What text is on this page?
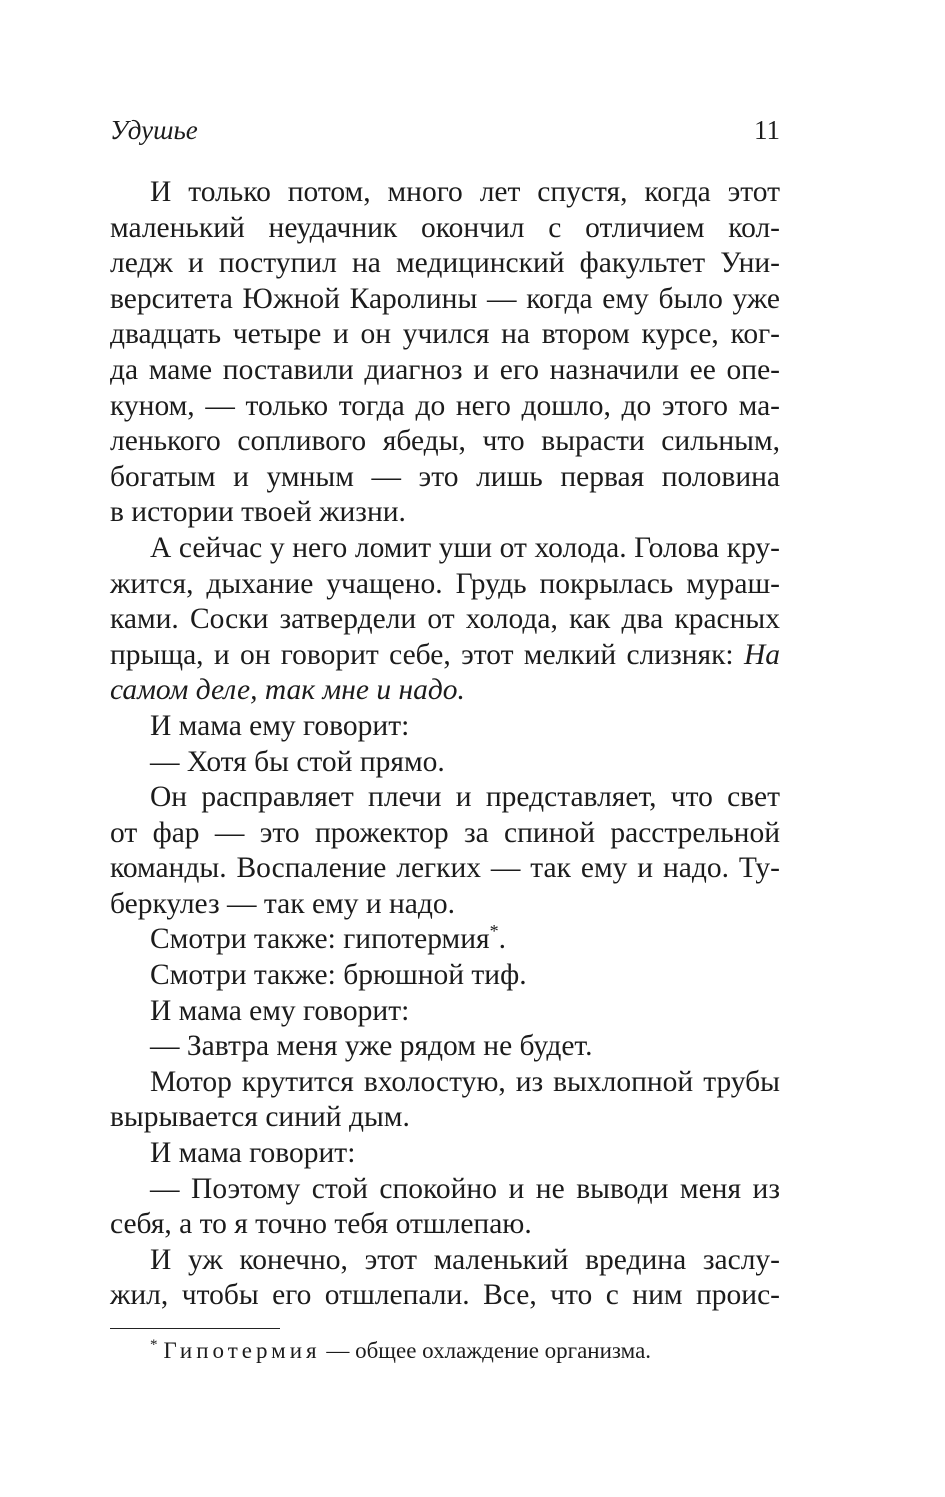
Удушье	11
И только потом, много лет спустя, когда этот
маленький неудачник окончил с отличием кол-
ледж и поступил на медицинский факультет Уни-
верситета Южной Каролины — когда ему было уже
двадцать четыре и он учился на втором курсе, ког-
да маме поставили диагноз и его назначили ее опе-
куном, — только тогда до него дошло, до этого ма-
ленького сопливого ябеды, что вырасти сильным,
богатым и умным — это лишь первая половина
в истории твоей жизни.
А сейчас у него ломит уши от холода. Голова кру-
жится, дыхание учащено. Грудь покрылась мураш-
ками. Соски затвердели от холода, как два красных
прыща, и он говорит себе, этот мелкий слизняк: На
самом деле, так мне и надо.
И мама ему говорит:
— Хотя бы стой прямо.
Он расправляет плечи и представляет, что свет
от фар — это прожектор за спиной расстрельной
команды. Воспаление легких — так ему и надо. Ту-
беркулез — так ему и надо.
Смотри также: гипотермия*.
Смотри также: брюшной тиф.
И мама ему говорит:
— Завтра меня уже рядом не будет.
Мотор крутится вхолостую, из выхлопной трубы
вырывается синий дым.
И мама говорит:
— Поэтому стой спокойно и не выводи меня из
себя, а то я точно тебя отшлепаю.
И уж конечно, этот маленький вредина заслу-
жил, чтобы его отшлепали. Все, что с ним проис-
* Гипотермия — общее охлаждение организма.
